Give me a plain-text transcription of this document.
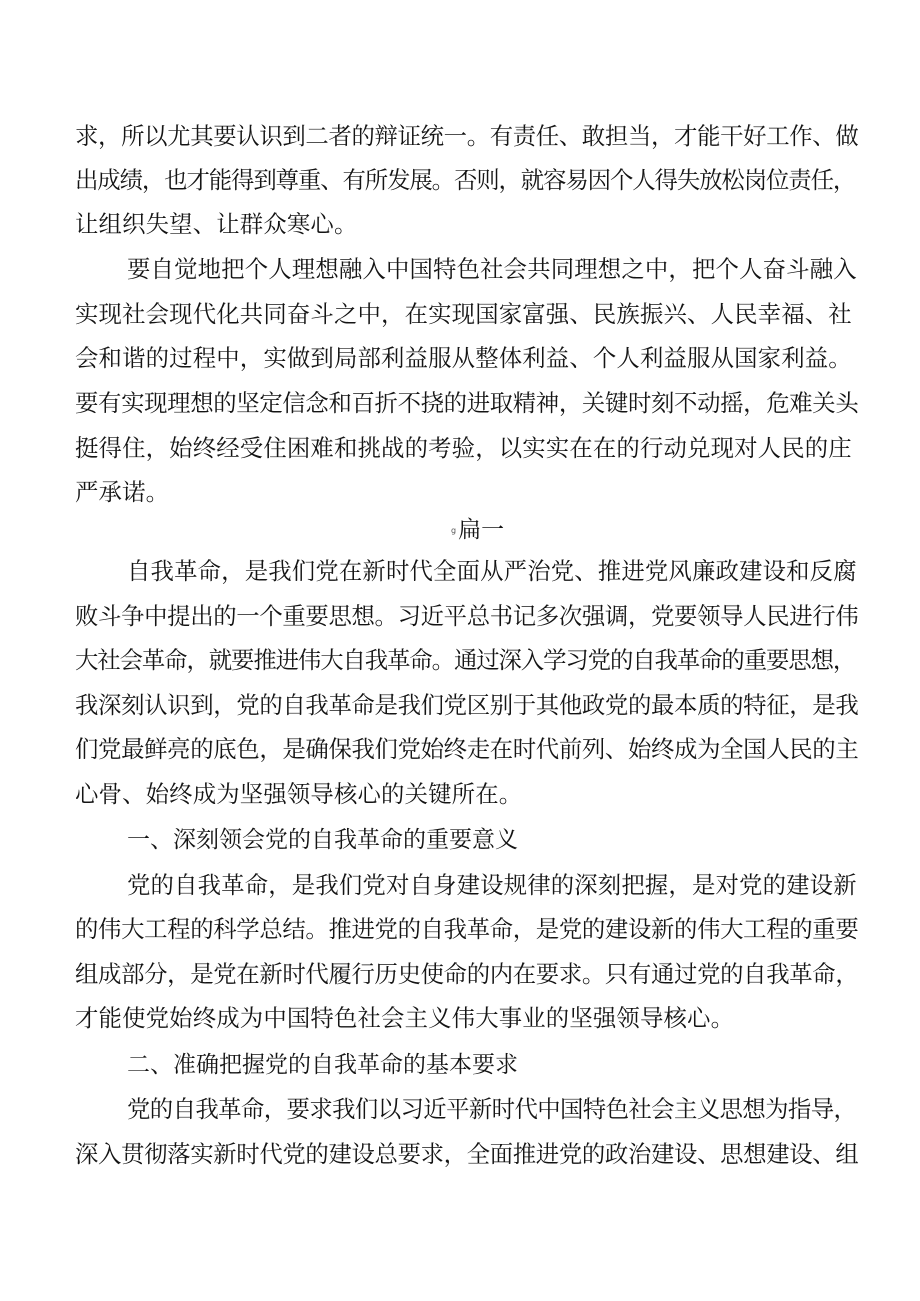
求，所以尤其要认识到二者的辩证统一。有责任、敢担当，才能干好工作、做
出成绩，也才能得到尊重、有所发展。否则，就容易因个人得失放松岗位责任，
让组织失望、让群众寒心。
要自觉地把个人理想融入中国特色社会共同理想之中，把个人奋斗融入
实现社会现代化共同奋斗之中，在实现国家富强、民族振兴、人民幸福、社
会和谐的过程中，实做到局部利益服从整体利益、个人利益服从国家利益。
要有实现理想的坚定信念和百折不挠的进取精神，关键时刻不动摇，危难关头
挺得住，始终经受住困难和挑战的考验，以实实在在的行动兑现对人民的庄
严承诺。
g扁一
自我革命，是我们党在新时代全面从严治党、推进党风廉政建设和反腐
败斗争中提出的一个重要思想。习近平总书记多次强调，党要领导人民进行伟
大社会革命，就要推进伟大自我革命。通过深入学习党的自我革命的重要思想，
我深刻认识到，党的自我革命是我们党区别于其他政党的最本质的特征，是我
们党最鲜亮的底色，是确保我们党始终走在时代前列、始终成为全国人民的主
心骨、始终成为坚强领导核心的关键所在。
一、深刻领会党的自我革命的重要意义
党的自我革命，是我们党对自身建设规律的深刻把握，是对党的建设新
的伟大工程的科学总结。推进党的自我革命，是党的建设新的伟大工程的重要
组成部分，是党在新时代履行历史使命的内在要求。只有通过党的自我革命，
才能使党始终成为中国特色社会主义伟大事业的坚强领导核心。
二、准确把握党的自我革命的基本要求
党的自我革命，要求我们以习近平新时代中国特色社会主义思想为指导，
深入贯彻落实新时代党的建设总要求，全面推进党的政治建设、思想建设、组
